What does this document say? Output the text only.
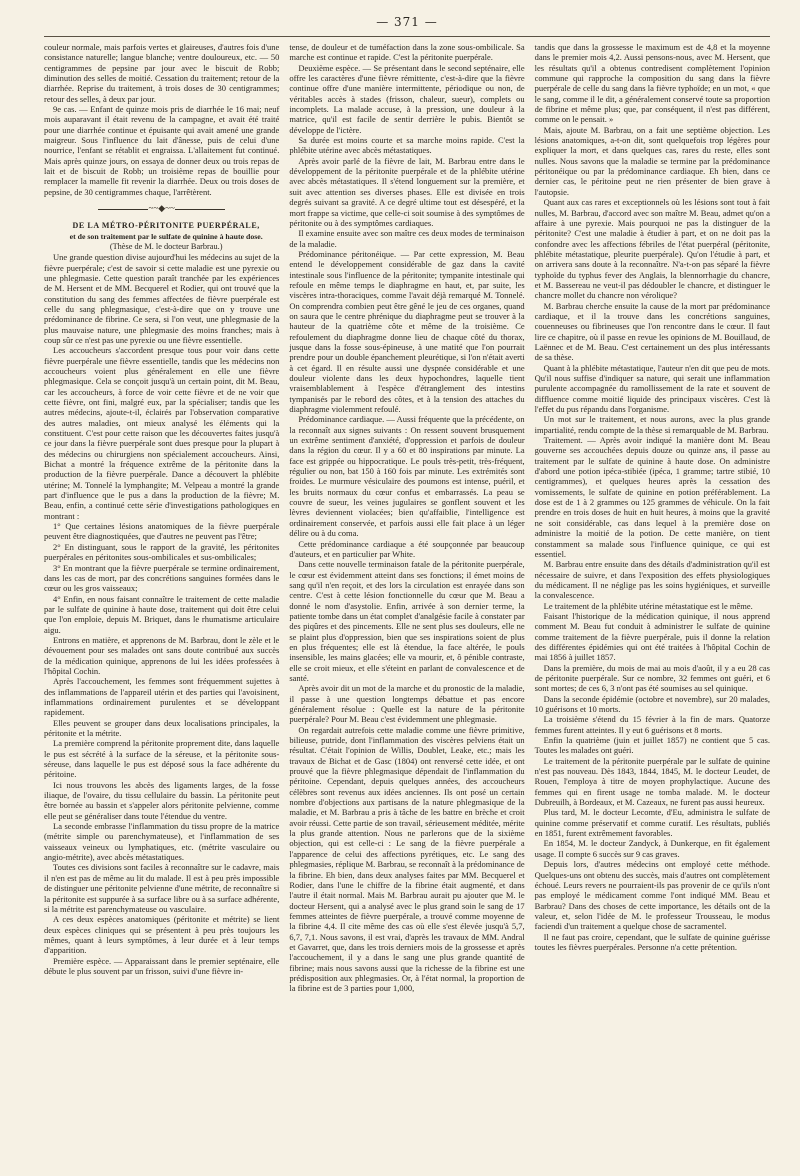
— 371 —

couleur normale, mais parfois vertes et glaireuses, d'autres fois d'une consistance naturelle; langue blanche; ventre douloureux, etc. — 50 centigrammes de pepsine par jour avec le biscuit de Robb; diminution des selles de moitié. Cessation du traitement; retour de la diarrhée. Reprise du traitement, à trois doses de 30 centigrammes; retour des selles, à deux par jour.

9e cas. — Enfant de quinze mois pris de diarrhée le 16 mai; neuf mois auparavant il était revenu de la campagne, et avait été traité pour une diarrhée continue et épuisante qui avait amené une grande maigreur. Sous l'influence du lait d'ânesse, puis de celui d'une nourrice, l'enfant se rétablit et engraissa. L'allaitement fut continué. Mais après quinze jours, on essaya de donner deux ou trois repas de lait et de biscuit de Robb; un troisième repas de bouillie pour remplacer la mamelle fit revenir la diarrhée. Deux ou trois doses de pepsine, de 30 centigrammes chaque, l'arrêtèrent.

~~◆~~

DE LA MÉTRO-PÉRITONITE PUERPÉRALE,

et de son traitement par le sulfate de quinine à haute dose.

(Thèse de M. le docteur Barbrau.)

Une grande question divise aujourd'hui les médecins au sujet de la fièvre puerpérale; c'est de savoir si cette maladie est une pyrexie ou une phlegmasie. Cette question paraît tranchée par les expériences de M. Hersent et de MM. Becquerel et Rodier, qui ont trouvé que la constitution du sang des femmes affectées de fièvre puerpérale est celle du sang phlegmasique, c'est-à-dire que on y trouve une prédominance de fibrine. Ce sera, si l'on veut, une phlegmasie de la plus mauvaise nature, une phlegmasie des moins franches; mais à coup sûr ce n'est pas une pyrexie ou une fièvre essentielle.

Les accoucheurs s'accordent presque tous pour voir dans cette fièvre puerpérale une fièvre essentielle, tandis que les médecins non accoucheurs voient plus généralement en elle une fièvre phlegmasique. Cela se conçoit jusqu'à un certain point, dit M. Beau, car les accoucheurs, à force de voir cette fièvre et de ne voir que cette fièvre, ont fini, malgré eux, par la spécialiser; tandis que les autres médecins, ajoute-t-il, éclairés par l'observation comparative des autres maladies, ont mieux analysé les éléments qui la constituent. C'est pour cette raison que les découvertes faites jusqu'à ce jour dans la fièvre puerpérale sont dues presque pour la plupart à des médecins ou chirurgiens non spécialement accoucheurs. Ainsi, Bichat a montré la fréquence extrême de la péritonite dans la production de la fièvre puerpérale. Dance a découvert la phlébite utérine; M. Tonnelé la lymphangite; M. Velpeau a montré la grande part d'influence que le pus a dans la production de la fièvre; M. Beau, enfin, a continué cette série d'investigations pathologiques en montrant :

1° Que certaines lésions anatomiques de la fièvre puerpérale peuvent être diagnostiquées, que d'autres ne peuvent pas l'être;

2° En distinguant, sous le rapport de la gravité, les péritonites puerpérales en péritonites sous-ombilicales et sus-ombilicales;

3° En montrant que la fièvre puerpérale se termine ordinairement, dans les cas de mort, par des concrétions sanguines formées dans le cœur ou les gros vaisseaux;

4° Enfin, en nous faisant connaître le traitement de cette maladie par le sulfate de quinine à haute dose, traitement qui doit être celui que l'on emploie, depuis M. Briquet, dans le rhumatisme articulaire aigu.

Entrons en matière, et apprenons de M. Barbrau, dont le zèle et le dévouement pour ses malades ont sans doute contribué aux succès de la médication quinique, apprenons de lui les idées professées à l'hôpital Cochin.

Après l'accouchement, les femmes sont fréquemment sujettes à des inflammations de l'appareil utérin et des parties qui l'avoisinent, inflammations ordinairement purulentes et se développant rapidement.

Elles peuvent se grouper dans deux localisations principales, la péritonite et la métrite.

La première comprend la péritonite proprement dite, dans laquelle le pus est sécrété à la surface de la séreuse, et la péritonite sous-séreuse, dans laquelle le pus est déposé sous la face adhérente du péritoine.

Ici nous trouvons les abcès des ligaments larges, de la fosse iliaque, de l'ovaire, du tissu cellulaire du bassin. La péritonite peut être bornée au bassin et s'appeler alors péritonite pelvienne, comme elle peut se généraliser dans toute l'étendue du ventre.

La seconde embrasse l'inflammation du tissu propre de la matrice (métrite simple ou parenchymateuse), et l'inflammation de ses vaisseaux veineux ou lymphatiques, etc. (métrite vasculaire ou angio-métrite), avec abcès métastatiques.

Toutes ces divisions sont faciles à reconnaître sur le cadavre, mais il n'en est pas de même au lit du malade. Il est à peu près impossible de distinguer une péritonite pelvienne d'une métrite, de reconnaître si la péritonite est suppurée à sa surface libre ou à sa surface adhérente, si la métrite est parenchymateuse ou vasculaire.

A ces deux espèces anatomiques (péritonite et métrite) se lient deux espèces cliniques qui se présentent à peu près toujours les mêmes, quant à leurs symptômes, à leur durée et à leur temps d'apparition.

Première espèce. — Apparaissant dans le premier septénaire, elle débute le plus souvent par un frisson, suivi d'une fièvre in-

tense, de douleur et de tuméfaction dans la zone sous-ombilicale. Sa marche est continue et rapide. C'est la péritonite puerpérale.

Deuxième espèce. — Se présentant dans le second septénaire, elle offre les caractères d'une fièvre rémittente, c'est-à-dire que la fièvre continue offre d'une manière intermittente, périodique ou non, de véritables accès à stades (frisson, chaleur, sueur), complets ou incomplets. La malade accuse, à la pression, une douleur à la matrice, qu'il est facile de sentir derrière le pubis. Bientôt se développe de l'ictère.

Sa durée est moins courte et sa marche moins rapide. C'est la phlébite utérine avec abcès métastatiques.

Après avoir parlé de la fièvre de lait, M. Barbrau entre dans le développement de la péritonite puerpérale et de la phlébite utérine avec abcès métastatiques. Il s'étend longuement sur la première, et suit avec attention ses diverses phases. Elle est divisée en trois degrés suivant sa gravité. A ce degré ultime tout est désespéré, et la mort frappe sa victime, que celle-ci soit soumise à des symptômes de péritonite ou à des symptômes cardiaques.

Il examine ensuite avec son maître ces deux modes de terminaison de la maladie.

Prédominance péritonéique. — Par cette expression, M. Beau entend le développement considérable de gaz dans la cavité intestinale sous l'influence de la péritonite; tympanite intestinale qui refoule en même temps le diaphragme en haut, et, par suite, les viscères intra-thoraciques, comme l'avait déjà remarqué M. Tonnelé. On comprendra combien peut être gêné le jeu de ces organes, quand on saura que le centre phrénique du diaphragme peut se trouver à la hauteur de la quatrième côte et même de la troisième. Ce refoulement du diaphragme donne lieu de chaque côté du thorax, jusque dans la fosse sous-épineuse, à une matité que l'on pourrait prendre pour un double épanchement pleurétique, si l'on n'était averti à cet égard. Il en résulte aussi une dyspnée considérable et une douleur violente dans les deux hypochondres, laquelle tient vraisemblablement à l'espèce d'étranglement des intestins tympanisés par le rebord des côtes, et à la tension des attaches du diaphragme violemment refoulé.

Prédominance cardiaque. — Aussi fréquente que la précédente, on la reconnaît aux signes suivants : On ressent souvent brusquement un extrême sentiment d'anxiété, d'oppression et parfois de douleur dans la région du cœur. Il y a 60 et 80 inspirations par minute. La face est grippée ou hippocratique. Le pouls très-petit, très-fréquent, régulier ou non, bat 150 à 160 fois par minute. Les extrémités sont froides. Le murmure vésiculaire des poumons est intense, puéril, et les bruits normaux du cœur confus et embarrassés. La peau se couvre de sueur, les veines jugulaires se gonflent souvent et les lèvres deviennent violacées; bien qu'affaiblie, l'intelligence est ordinairement conservée, et parfois aussi elle fait place à un léger délire ou à du coma.

Cette prédominance cardiaque a été soupçonnée par beaucoup d'auteurs, et en particulier par White.

Dans cette nouvelle terminaison fatale de la péritonite puerpérale, le cœur est évidemment atteint dans ses fonctions; il émet moins de sang qu'il n'en reçoit, et des lors la circulation est enrayée dans son centre. C'est à cette lésion fonctionnelle du cœur que M. Beau a donné le nom d'asystolie. Enfin, arrivée à son dernier terme, la patiente tombe dans un état complet d'analgésie facile à constater par des piqûres et des pincements. Elle ne sent plus ses douleurs, elle ne se plaint plus d'oppression, bien que ses inspirations soient de plus en plus fréquentes; elle est là étendue, la face altérée, le pouls insensible, les mains glacées; elle va mourir, et, ô pénible contraste, elle se croit mieux, et elle s'éteint en parlant de convalescence et de santé.

Après avoir dit un mot de la marche et du pronostic de la maladie, il passe à une question longtemps débattue et pas encore généralement résolue : Quelle est la nature de la péritonite puerpérale? Pour M. Beau c'est évidemment une phlegmasie.

On regardait autrefois cette maladie comme une fièvre primitive, bilieuse, putride, dont l'inflammation des viscères pelviens était un résultat. C'était l'opinion de Willis, Doublet, Leake, etc.; mais les travaux de Bichat et de Gasc (1804) ont renversé cette idée, et ont prouvé que la fièvre phlegmasique dépendait de l'inflammation du péritoine. Cependant, depuis quelques années, des accoucheurs célèbres sont revenus aux idées anciennes. Ils ont posé un certain nombre d'objections aux partisans de la nature phlegmasique de la maladie, et M. Barbrau a pris à tâche de les battre en brèche et croit avoir réussi. Cette partie de son travail, sérieusement méditée, mérite la plus grande attention. Nous ne parlerons que de la sixième objection, qui est celle-ci : Le sang de la fièvre puerpérale a l'apparence de celui des affections pyrétiques, etc. Le sang des phlegmasies, réplique M. Barbrau, se reconnaît à la prédominance de la fibrine. Eh bien, dans deux analyses faites par MM. Becquerel et Rodier, dans l'une le chiffre de la fibrine était augmenté, et dans l'autre il était normal. Mais M. Barbrau aurait pu ajouter que M. le docteur Hersent, qui a analysé avec le plus grand soin le sang de 17 femmes atteintes de fièvre puerpérale, a trouvé comme moyenne de la fibrine 4,4. Il cite même des cas où elle s'est élevée jusqu'à 5,7, 6,7, 7,1. Nous savons, il est vrai, d'après les travaux de MM. Andral et Gavarret, que, dans les trois derniers mois de la grossesse et après l'accouchement, il y a dans le sang une plus grande quantité de fibrine; mais nous savons aussi que la richesse de la fibrine est une prédisposition aux phlegmasies. Or, à l'état normal, la proportion de la fibrine est de 3 parties pour 1,000,

tandis que dans la grossesse le maximum est de 4,8 et la moyenne dans le premier mois 4,2. Aussi pensons-nous, avec M. Hersent, que les résultats qu'il a obtenus contredisent complètement l'opinion commune qui rapproche la composition du sang dans la fièvre puerpérale de celle du sang dans la fièvre typhoïde; en un mot, « que le sang, comme il le dit, a généralement conservé toute sa proportion de fibrine et même plus; que, par conséquent, il n'est pas différent, comme on le pensait. »

Mais, ajoute M. Barbrau, on a fait une septième objection. Les lésions anatomiques, a-t-on dit, sont quelquefois trop légères pour expliquer la mort, et dans quelques cas, rares du reste, elles sont nulles. Nous savons que la maladie se termine par la prédominance péritonéique ou par la prédominance cardiaque. Eh bien, dans ce dernier cas, le péritoine peut ne rien présenter de bien grave à l'autopsie.

Quant aux cas rares et exceptionnels où les lésions sont tout à fait nulles, M. Barbrau, d'accord avec son maître M. Beau, admet qu'on a affaire à une pyrexie. Mais pourquoi ne pas la distinguer de la péritonite? C'est une maladie à étudier à part, et on ne doit pas la confondre avec les affections fébriles de l'état puerpéral (péritonite, phlébite métastatique, pleurite puerpérale). Qu'on l'étudie à part, et on arrivera sans doute à la reconnaître. N'a-t-on pas séparé la fièvre typhoïde du typhus fever des Anglais, la blennorrhagie du chancre, et M. Bassereau ne veut-il pas dédoubler le chancre, et distinguer le chancre mollet du chancre non vérolique?

M. Barbrau cherche ensuite la cause de la mort par prédominance cardiaque, et il la trouve dans les concrétions sanguines, couenneuses ou fibrineuses que l'on rencontre dans le cœur. Il faut lire ce chapitre, où il passe en revue les opinions de M. Bouillaud, de Laënnec et de M. Beau. C'est certainement un des plus intéressants de sa thèse.

Quant à la phlébite métastatique, l'auteur n'en dit que peu de mots. Qu'il nous suffise d'indiquer sa nature, qui serait une inflammation purulente accompagnée du ramollissement de la rate et souvent de diffluence comme moitié liquide des principaux viscères. C'est là l'effet du pus répandu dans l'organisme.

Un mot sur le traitement, et nous aurons, avec la plus grande impartialité, rendu compte de la thèse si remarquable de M. Barbrau.

Traitement. — Après avoir indiqué la manière dont M. Beau gouverne ses accouchées depuis douze ou quinze ans, il passe au traitement par le sulfate de quinine à haute dose. On administre d'abord une potion ipéca-stibiée (ipéca, 1 gramme; tartre stibié, 10 centigrammes), et quelques heures après la cessation des vomissements, le sulfate de quinine en potion préférablement. La dose est de 1 à 2 grammes ou 125 grammes de véhicule. On la fait prendre en trois doses de huit en huit heures, à moins que la gravité ne soit considérable, cas dans lequel à la première dose on administre la moitié de la potion. De cette manière, on tient constamment sa malade sous l'influence quinique, ce qui est essentiel.

M. Barbrau entre ensuite dans des détails d'administration qu'il est nécessaire de suivre, et dans l'exposition des effets physiologiques du médicament. Il ne néglige pas les soins hygiéniques, et surveille la convalescence.

Le traitement de la phlébite utérine métastatique est le même.

Faisant l'historique de la médication quinique, il nous apprend comment M. Beau fut conduit à administrer le sulfate de quinine comme traitement de la fièvre puerpérale, puis il donne la relation des différentes épidémies qui ont été traitées à l'hôpital Cochin de mai 1856 à juillet 1857.

Dans la première, du mois de mai au mois d'août, il y a eu 28 cas de péritonite puerpérale. Sur ce nombre, 32 femmes ont guéri, et 6 sont mortes; de ces 6, 3 n'ont pas été soumises au sel quinique.

Dans la seconde épidémie (octobre et novembre), sur 20 malades, 10 guérisons et 10 morts.

La troisième s'étend du 15 février à la fin de mars. Quatorze femmes furent atteintes. Il y eut 6 guérisons et 8 morts.

Enfin la quatrième (juin et juillet 1857) ne contient que 5 cas. Toutes les malades ont guéri.

Le traitement de la péritonite puerpérale par le sulfate de quinine n'est pas nouveau. Dès 1843, 1844, 1845, M. le docteur Leudet, de Rouen, l'employa à titre de moyen prophylactique. Aucune des femmes qui en firent usage ne tomba malade. M. le docteur Dubreuilh, à Bordeaux, et M. Cazeaux, ne furent pas aussi heureux.

Plus tard, M. le docteur Lecomte, d'Eu, administra le sulfate de quinine comme préservatif et comme curatif. Les résultats, publiés en 1851, furent extrêmement favorables.

En 1854, M. le docteur Zandyck, à Dunkerque, en fit également usage. Il compte 6 succès sur 9 cas graves.

Depuis lors, d'autres médecins ont employé cette méthode. Quelques-uns ont obtenu des succès, mais d'autres ont complètement échoué. Leurs revers ne pourraient-ils pas provenir de ce qu'ils n'ont pas employé le médicament comme l'ont indiqué MM. Beau et Barbrau? Dans des choses de cette importance, les détails ont de la valeur, et, selon l'idée de M. le professeur Trousseau, le modus faciendi d'un traitement a quelque chose de sacramentel.

Il ne faut pas croire, cependant, que le sulfate de quinine guérisse toutes les fièvres puerpérales. Personne n'a cette prétention.
